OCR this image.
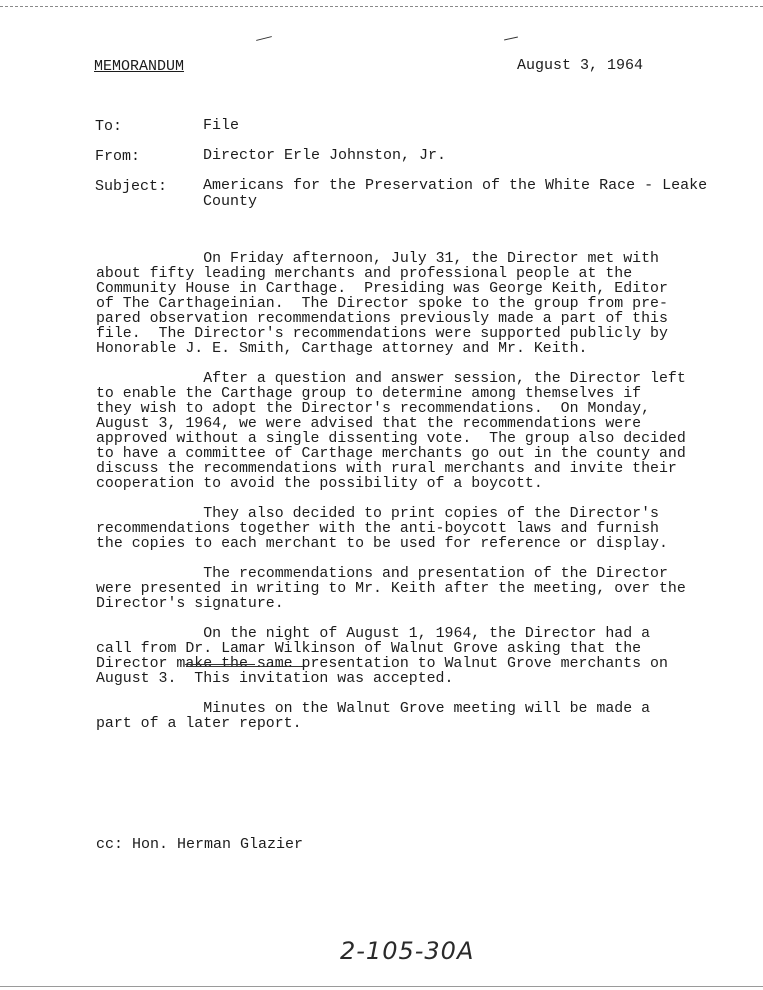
MEMORANDUM	August 3, 1964
To:	File
From:	Director Erle Johnston, Jr.
Subject: Americans for the Preservation of the White Race - Leake County
On Friday afternoon, July 31, the Director met with
about fifty leading merchants and professional people at the
Community House in Carthage.  Presiding was George Keith, Editor
of The Carthageinian.  The Director spoke to the group from pre-
pared observation recommendations previously made a part of this
file.  The Director's recommendations were supported publicly by
Honorable J. E. Smith, Carthage attorney and Mr. Keith.
After a question and answer session, the Director left
to enable the Carthage group to determine among themselves if
they wish to adopt the Director's recommendations.  On Monday,
August 3, 1964, we were advised that the recommendations were
approved without a single dissenting vote.  The group also decided
to have a committee of Carthage merchants go out in the county and
discuss the recommendations with rural merchants and invite their
cooperation to avoid the possibility of a boycott.
They also decided to print copies of the Director's
recommendations together with the anti-boycott laws and furnish
the copies to each merchant to be used for reference or display.
The recommendations and presentation of the Director
were presented in writing to Mr. Keith after the meeting, over the
Director's signature.
On the night of August 1, 1964, the Director had a
call from Dr. Lamar Wilkinson of Walnut Grove asking that the
Director make the same presentation to Walnut Grove merchants on
August 3.  This invitation was accepted.
Minutes on the Walnut Grove meeting will be made a
part of a later report.
cc: Hon. Herman Glazier
2-105-30A
